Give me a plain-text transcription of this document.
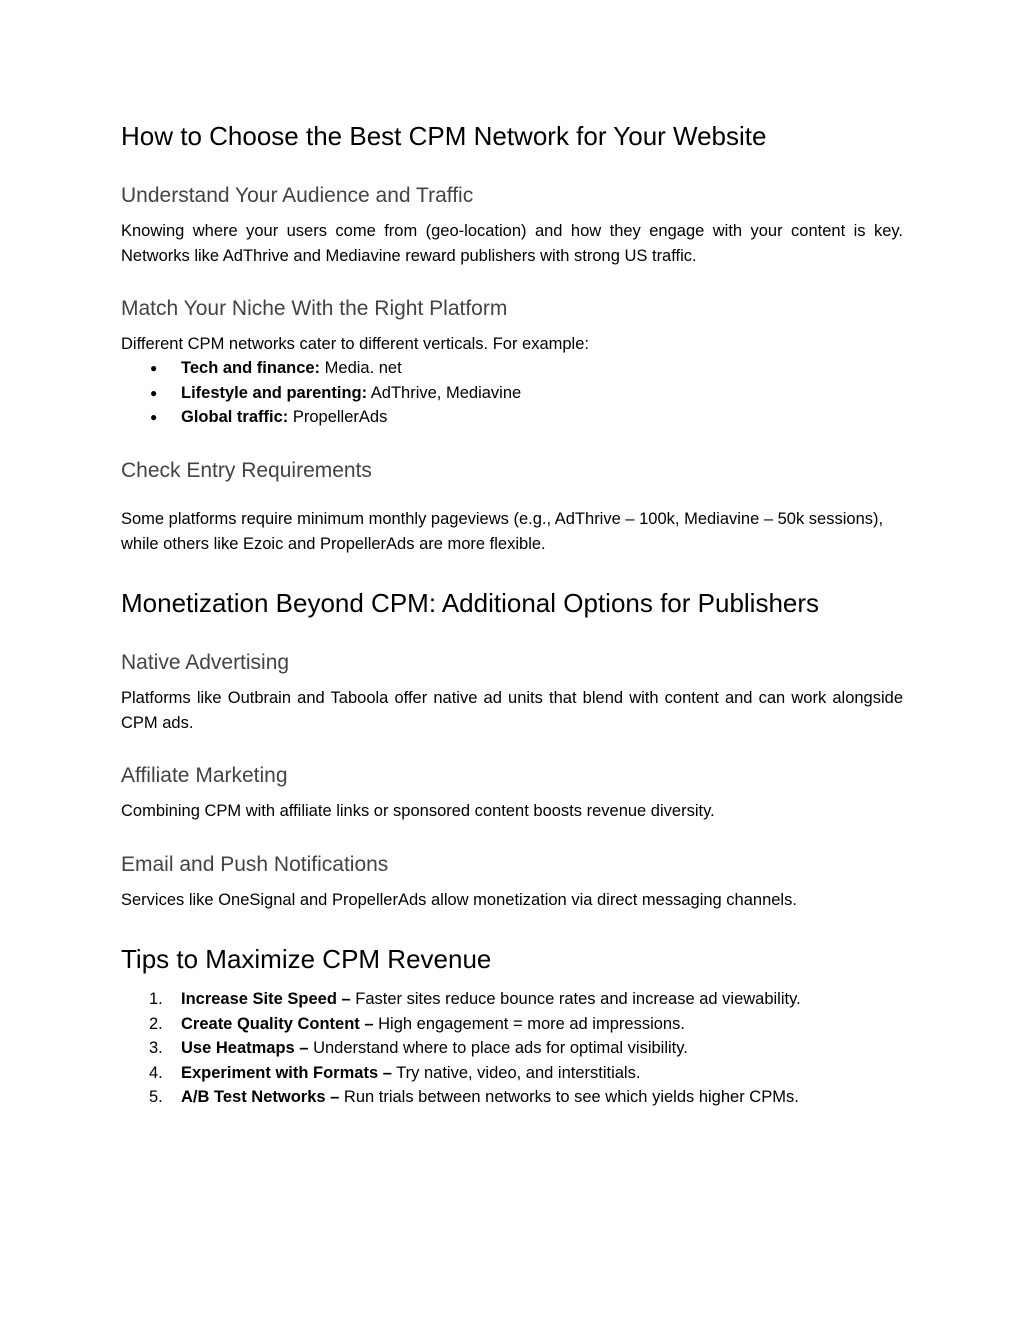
How to Choose the Best CPM Network for Your Website
Understand Your Audience and Traffic

Knowing where your users come from (geo-location) and how they engage with your content is key. Networks like AdThrive and Mediavine reward publishers with strong US traffic.

Match Your Niche With the Right Platform

Different CPM networks cater to different verticals. For example:

● Tech and finance: Media. net
● Lifestyle and parenting: AdThrive, Mediavine
● Global traffic: PropellerAds
Check Entry Requirements

Some platforms require minimum monthly pageviews (e.g., AdThrive – 100k, Mediavine – 50k sessions), while others like Ezoic and PropellerAds are more flexible.

Monetization Beyond CPM: Additional Options for Publishers
Native Advertising

Platforms like Outbrain and Taboola offer native ad units that blend with content and can work alongside CPM ads.

Affiliate Marketing

Combining CPM with affiliate links or sponsored content boosts revenue diversity.

Email and Push Notifications

Services like OneSignal and PropellerAds allow monetization via direct messaging channels.

Tips to Maximize CPM Revenue
1. Increase Site Speed – Faster sites reduce bounce rates and increase ad viewability.
2. Create Quality Content – High engagement = more ad impressions.
3. Use Heatmaps – Understand where to place ads for optimal visibility.
4. Experiment with Formats – Try native, video, and interstitials.
5. A/B Test Networks – Run trials between networks to see which yields higher CPMs.
